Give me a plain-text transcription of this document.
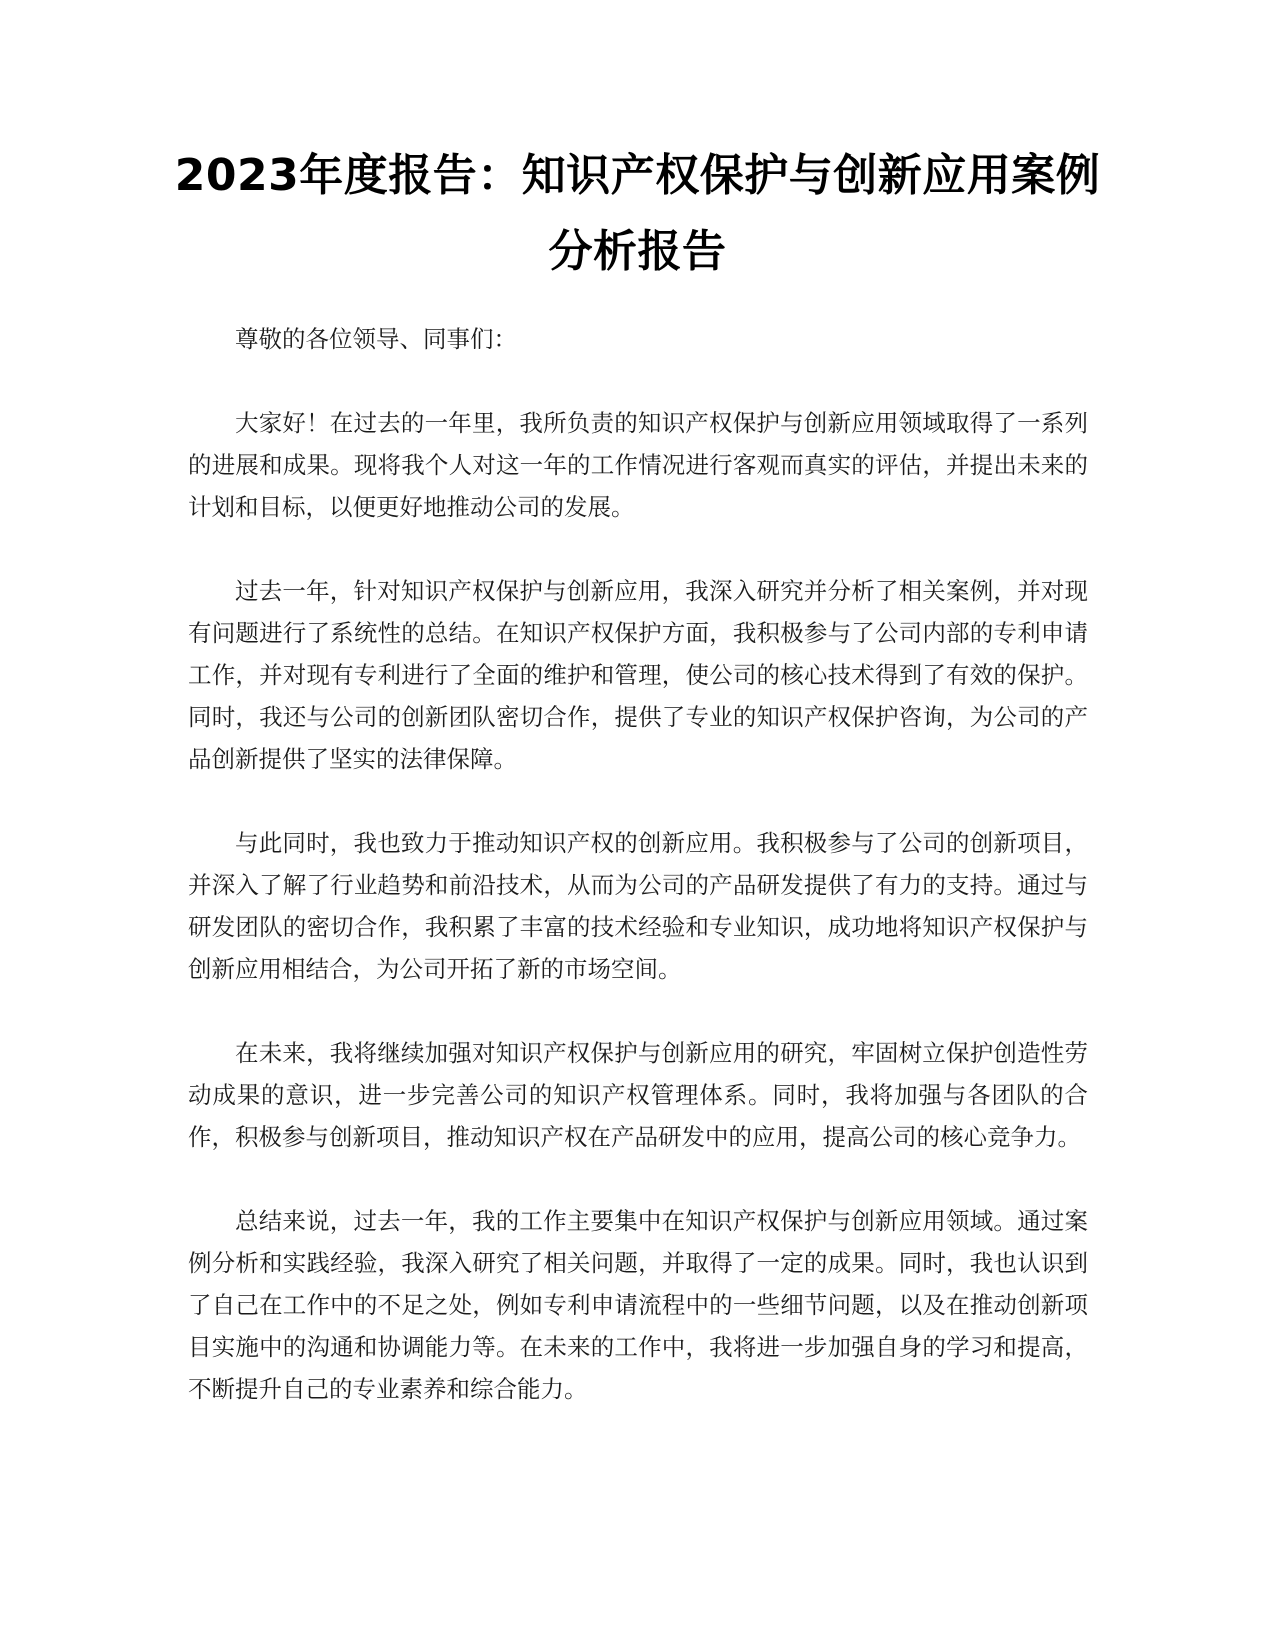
2023年度报告：知识产权保护与创新应用案例分析报告

尊敬的各位领导、同事们：

大家好！在过去的一年里，我所负责的知识产权保护与创新应用领域取得了一系列的进展和成果。现将我个人对这一年的工作情况进行客观而真实的评估，并提出未来的计划和目标，以便更好地推动公司的发展。

过去一年，针对知识产权保护与创新应用，我深入研究并分析了相关案例，并对现有问题进行了系统性的总结。在知识产权保护方面，我积极参与了公司内部的专利申请工作，并对现有专利进行了全面的维护和管理，使公司的核心技术得到了有效的保护。同时，我还与公司的创新团队密切合作，提供了专业的知识产权保护咨询，为公司的产品创新提供了坚实的法律保障。

与此同时，我也致力于推动知识产权的创新应用。我积极参与了公司的创新项目，并深入了解了行业趋势和前沿技术，从而为公司的产品研发提供了有力的支持。通过与研发团队的密切合作，我积累了丰富的技术经验和专业知识，成功地将知识产权保护与创新应用相结合，为公司开拓了新的市场空间。

在未来，我将继续加强对知识产权保护与创新应用的研究，牢固树立保护创造性劳动成果的意识，进一步完善公司的知识产权管理体系。同时，我将加强与各团队的合作，积极参与创新项目，推动知识产权在产品研发中的应用，提高公司的核心竞争力。

总结来说，过去一年，我的工作主要集中在知识产权保护与创新应用领域。通过案例分析和实践经验，我深入研究了相关问题，并取得了一定的成果。同时，我也认识到了自己在工作中的不足之处，例如专利申请流程中的一些细节问题，以及在推动创新项目实施中的沟通和协调能力等。在未来的工作中，我将进一步加强自身的学习和提高，不断提升自己的专业素养和综合能力。
